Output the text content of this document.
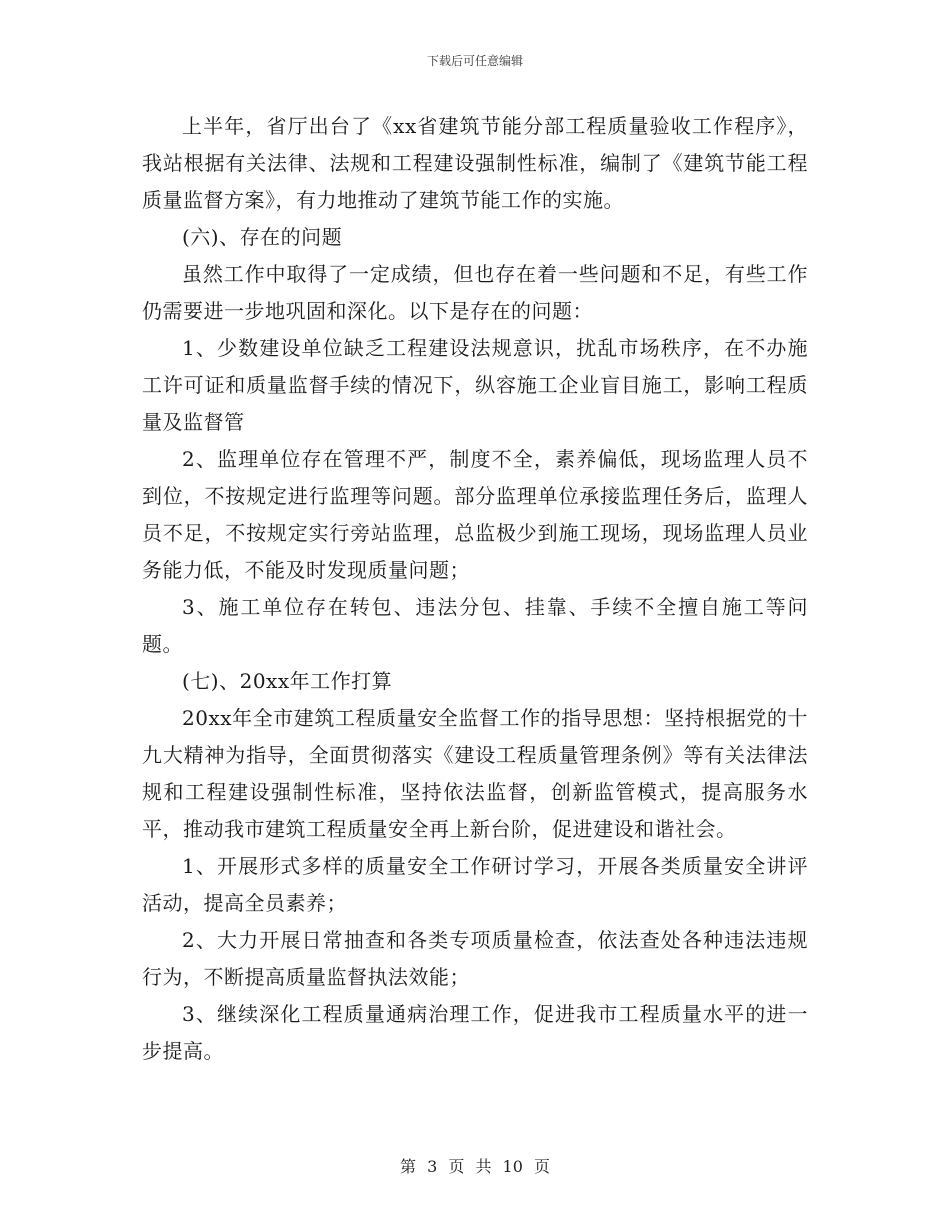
下载后可任意编辑

上半年，省厅出台了《xx省建筑节能分部工程质量验收工作程序》，我站根据有关法律、法规和工程建设强制性标准，编制了《建筑节能工程质量监督方案》，有力地推动了建筑节能工作的实施。

(六)、存在的问题

虽然工作中取得了一定成绩，但也存在着一些问题和不足，有些工作仍需要进一步地巩固和深化。以下是存在的问题：

1、少数建设单位缺乏工程建设法规意识，扰乱市场秩序，在不办施工许可证和质量监督手续的情况下，纵容施工企业盲目施工，影响工程质量及监督管

2、监理单位存在管理不严，制度不全，素养偏低，现场监理人员不到位，不按规定进行监理等问题。部分监理单位承接监理任务后，监理人员不足，不按规定实行旁站监理，总监极少到施工现场，现场监理人员业务能力低，不能及时发现质量问题；

3、施工单位存在转包、违法分包、挂靠、手续不全擅自施工等问题。

(七)、20xx年工作打算

20xx年全市建筑工程质量安全监督工作的指导思想：坚持根据党的十九大精神为指导，全面贯彻落实《建设工程质量管理条例》等有关法律法规和工程建设强制性标准，坚持依法监督，创新监管模式，提高服务水平，推动我市建筑工程质量安全再上新台阶，促进建设和谐社会。

1、开展形式多样的质量安全工作研讨学习，开展各类质量安全讲评活动，提高全员素养；

2、大力开展日常抽查和各类专项质量检查，依法查处各种违法违规行为，不断提高质量监督执法效能；

3、继续深化工程质量通病治理工作，促进我市工程质量水平的进一步提高。

第 3 页 共 10 页
